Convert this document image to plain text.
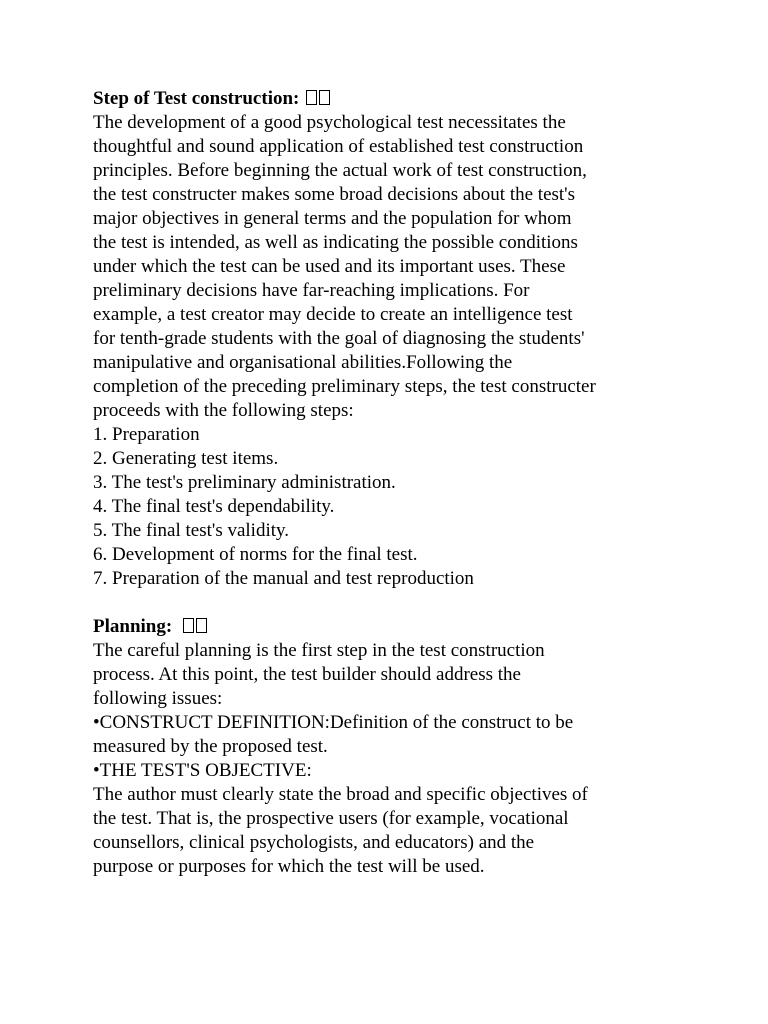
Step of Test construction:
The development of a good psychological test necessitates the
thoughtful and sound application of established test construction
principles. Before beginning the actual work of test construction,
the test constructer makes some broad decisions about the test's
major objectives in general terms and the population for whom
the test is intended, as well as indicating the possible conditions
under which the test can be used and its important uses. These
preliminary decisions have far-reaching implications. For
example, a test creator may decide to create an intelligence test
for tenth-grade students with the goal of diagnosing the students'
manipulative and organisational abilities.Following the
completion of the preceding preliminary steps, the test constructer
proceeds with the following steps:
1. Preparation
2. Generating test items.
3. The test's preliminary administration.
4. The final test's dependability.
5. The final test's validity.
6. Development of norms for the final test.
7. Preparation of the manual and test reproduction
Planning:
The careful planning is the first step in the test construction
process. At this point, the test builder should address the
following issues:
•CONSTRUCT DEFINITION:Definition of the construct to be
measured by the proposed test.
•THE TEST'S OBJECTIVE:
The author must clearly state the broad and specific objectives of
the test. That is, the prospective users (for example, vocational
counsellors, clinical psychologists, and educators) and the
purpose or purposes for which the test will be used.
